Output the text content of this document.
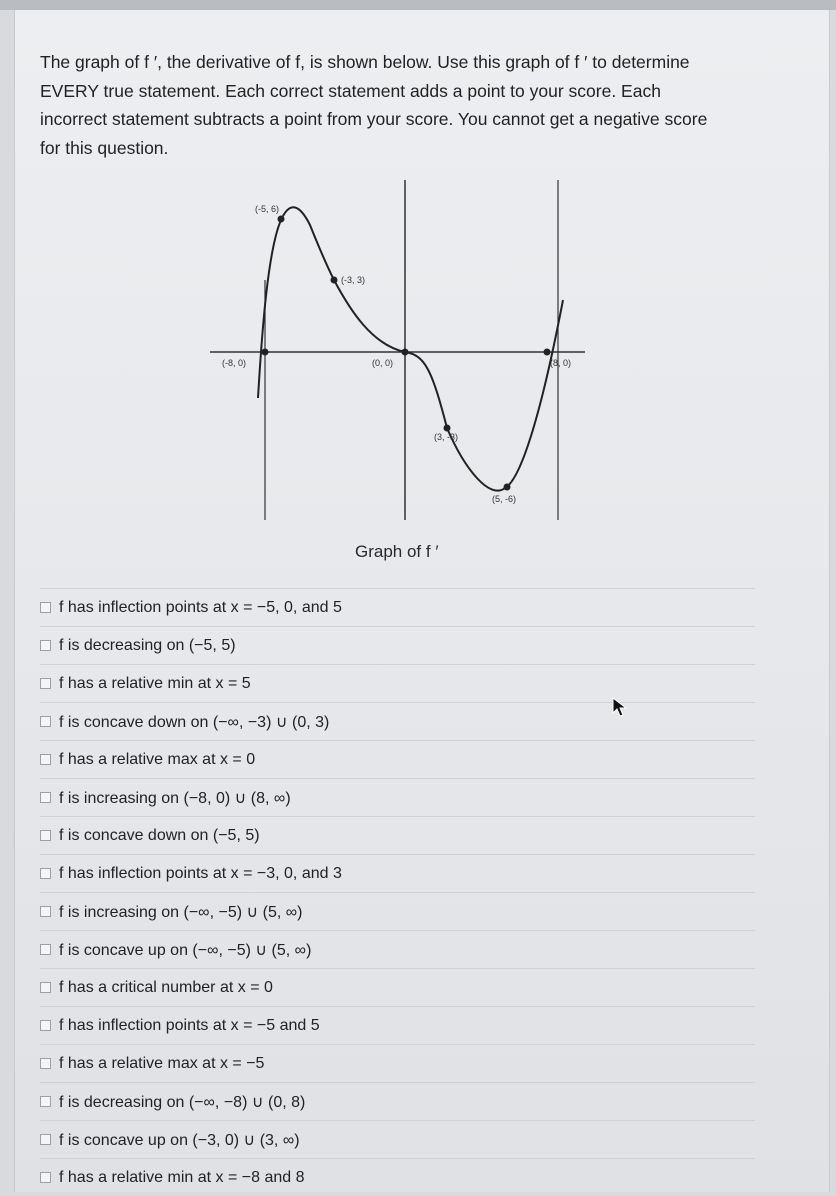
The graph of f ′, the derivative of f, is shown below. Use this graph of f ′ to determine
EVERY true statement. Each correct statement adds a point to your score. Each
incorrect statement subtracts a point from your score. You cannot get a negative score
for this question.
(-5, 6)
(-3, 3)
(-8, 0)	(0, 0)	(8, 0)
(3, -3)
(5, -6)
Graph of f ′
f has inflection points at x = −5, 0, and 5
f is decreasing on (−5, 5)
f has a relative min at x = 5
f is concave down on (−∞, −3) ∪ (0, 3)
f has a relative max at x = 0
f is increasing on (−8, 0) ∪ (8, ∞)
f is concave down on (−5, 5)
f has inflection points at x = −3, 0, and 3
f is increasing on (−∞, −5) ∪ (5, ∞)
f is concave up on (−∞, −5) ∪ (5, ∞)
f has a critical number at x = 0
f has inflection points at x = −5 and 5
f has a relative max at x = −5
f is decreasing on (−∞, −8) ∪ (0, 8)
f is concave up on (−3, 0) ∪ (3, ∞)
f has a relative min at x = −8 and 8
